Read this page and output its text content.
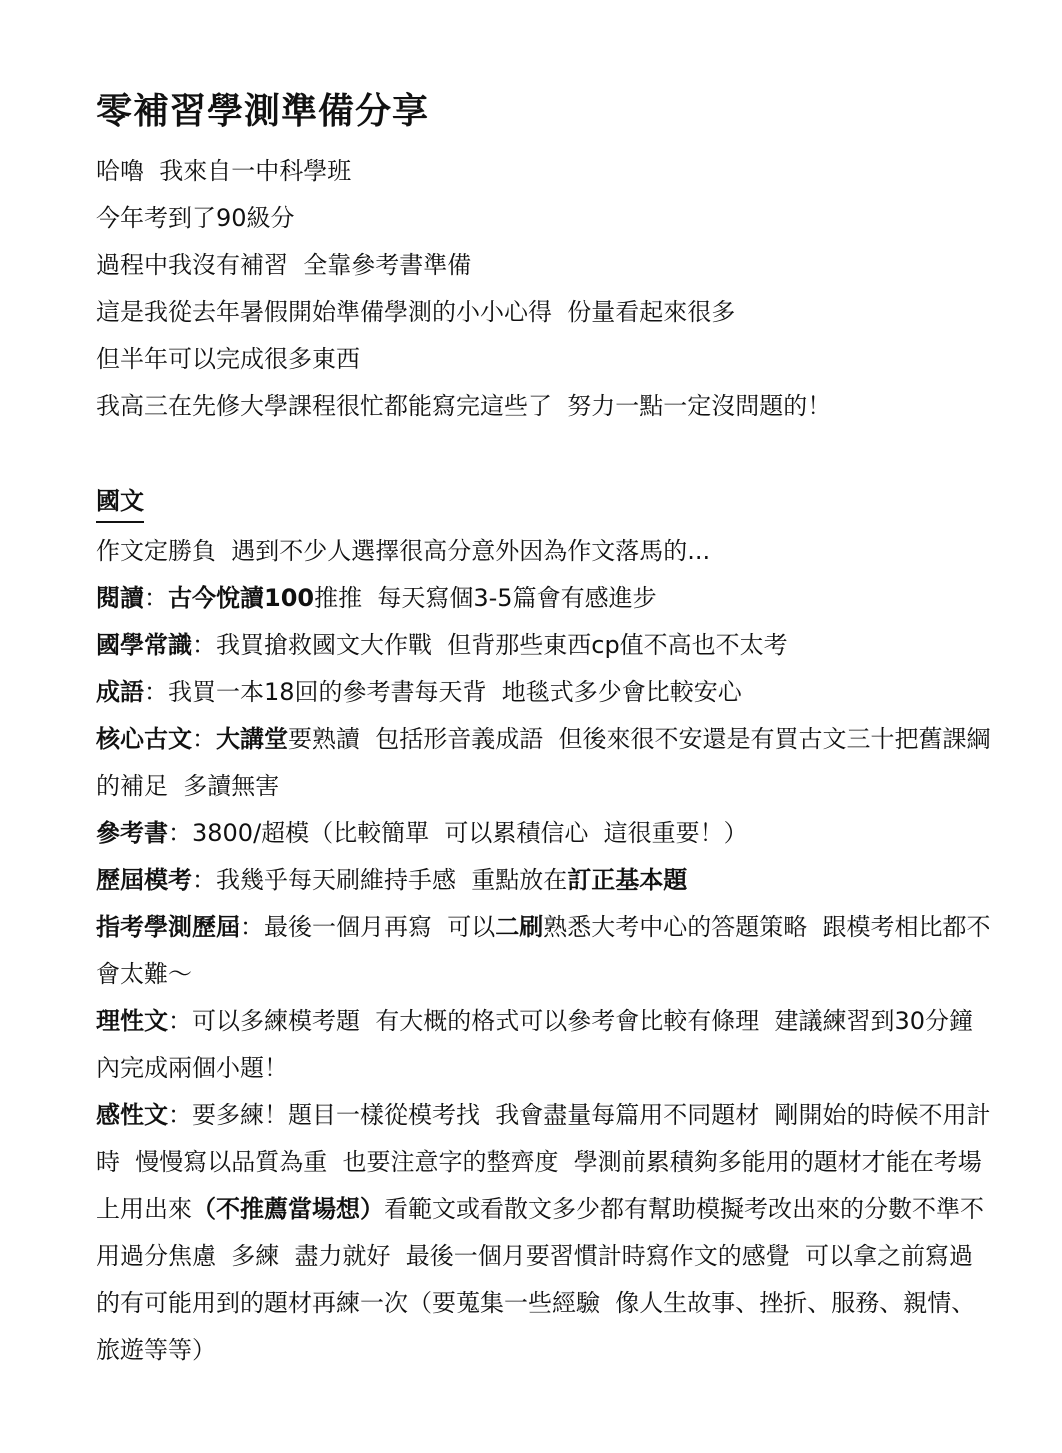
零補習學測準備分享
哈嚕  我來自一中科學班
今年考到了90級分
過程中我沒有補習  全靠參考書準備
這是我從去年暑假開始準備學測的小小心得  份量看起來很多
但半年可以完成很多東西
我高三在先修大學課程很忙都能寫完這些了  努力一點一定沒問題的！
國文
作文定勝負  遇到不少人選擇很高分意外因為作文落馬的...
閱讀：古今悅讀100推推  每天寫個3-5篇會有感進步
國學常識：我買搶救國文大作戰  但背那些東西cp值不高也不太考
成語：我買一本18回的參考書每天背  地毯式多少會比較安心
核心古文：大講堂要熟讀  包括形音義成語  但後來很不安還是有買古文三十把舊課綱的補足  多讀無害
參考書：3800/超模（比較簡單  可以累積信心  這很重要！）
歷屆模考：我幾乎每天刷維持手感  重點放在訂正基本題
指考學測歷屆：最後一個月再寫  可以二刷熟悉大考中心的答題策略  跟模考相比都不會太難～
理性文：可以多練模考題  有大概的格式可以參考會比較有條理  建議練習到30分鐘內完成兩個小題！
感性文：要多練！題目一樣從模考找  我會盡量每篇用不同題材  剛開始的時候不用計時  慢慢寫以品質為重  也要注意字的整齊度  學測前累積夠多能用的題材才能在考場上用出來（不推薦當場想）看範文或看散文多少都有幫助模擬考改出來的分數不準不用過分焦慮  多練  盡力就好  最後一個月要習慣計時寫作文的感覺  可以拿之前寫過的有可能用到的題材再練一次（要蒐集一些經驗  像人生故事、挫折、服務、親情、旅遊等等）
